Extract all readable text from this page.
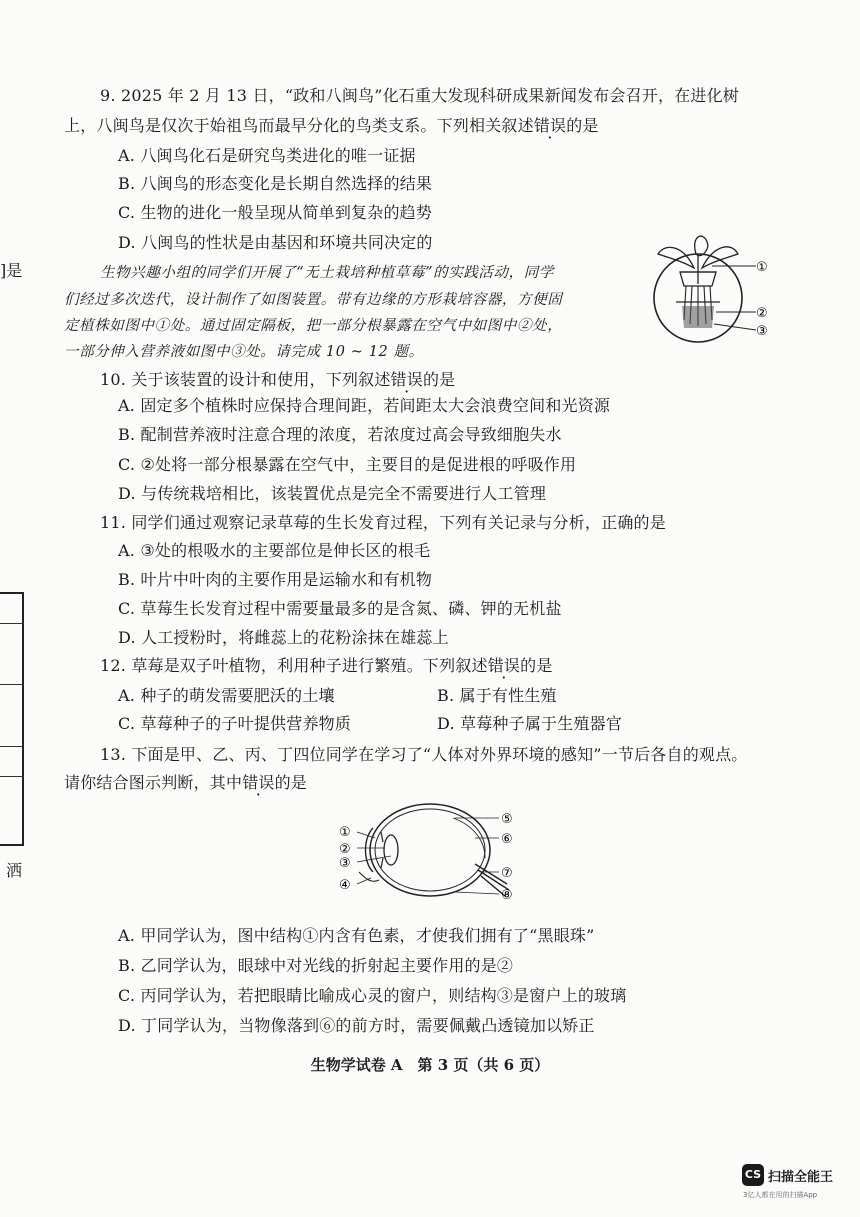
]是
洒
9. 2025 年 2 月 13 日，“政和八闽鸟”化石重大发现科研成果新闻发布会召开，在进化树
上，八闽鸟是仅次于始祖鸟而最早分化的鸟类支系。下列相关叙述错误的是
A. 八闽鸟化石是研究鸟类进化的唯一证据
B. 八闽鸟的形态变化是长期自然选择的结果
C. 生物的进化一般呈现从简单到复杂的趋势
D. 八闽鸟的性状是由基因和环境共同决定的
生物兴趣小组的同学们开展了“无土栽培种植草莓”的实践活动，同学
们经过多次迭代，设计制作了如图装置。带有边缘的方形栽培容器，方便固
定植株如图中①处。通过固定隔板，把一部分根暴露在空气中如图中②处，
一部分伸入营养液如图中③处。请完成 10 ~ 12 题。
①
②
③
10. 关于该装置的设计和使用，下列叙述错误的是
A. 固定多个植株时应保持合理间距，若间距太大会浪费空间和光资源
B. 配制营养液时注意合理的浓度，若浓度过高会导致细胞失水
C. ②处将一部分根暴露在空气中，主要目的是促进根的呼吸作用
D. 与传统栽培相比，该装置优点是完全不需要进行人工管理
11. 同学们通过观察记录草莓的生长发育过程，下列有关记录与分析，正确的是
A. ③处的根吸水的主要部位是伸长区的根毛
B. 叶片中叶肉的主要作用是运输水和有机物
C. 草莓生长发育过程中需要量最多的是含氮、磷、钾的无机盐
D. 人工授粉时，将雌蕊上的花粉涂抹在雄蕊上
12. 草莓是双子叶植物，利用种子进行繁殖。下列叙述错误的是
A. 种子的萌发需要肥沃的土壤	B. 属于有性生殖
C. 草莓种子的子叶提供营养物质	D. 草莓种子属于生殖器官
13. 下面是甲、乙、丙、丁四位同学在学习了“人体对外界环境的感知”一节后各自的观点。
请你结合图示判断，其中错误的是
①
②
③
④
⑤
⑥
⑦
⑧
A. 甲同学认为，图中结构①内含有色素，才使我们拥有了“黑眼珠”
B. 乙同学认为，眼球中对光线的折射起主要作用的是②
C. 丙同学认为，若把眼睛比喻成心灵的窗户，则结构③是窗户上的玻璃
D. 丁同学认为，当物像落到⑥的前方时，需要佩戴凸透镜加以矫正
生物学试卷 A　第 3 页（共 6 页）
CS 扫描全能王
3亿人都在用的扫描App
